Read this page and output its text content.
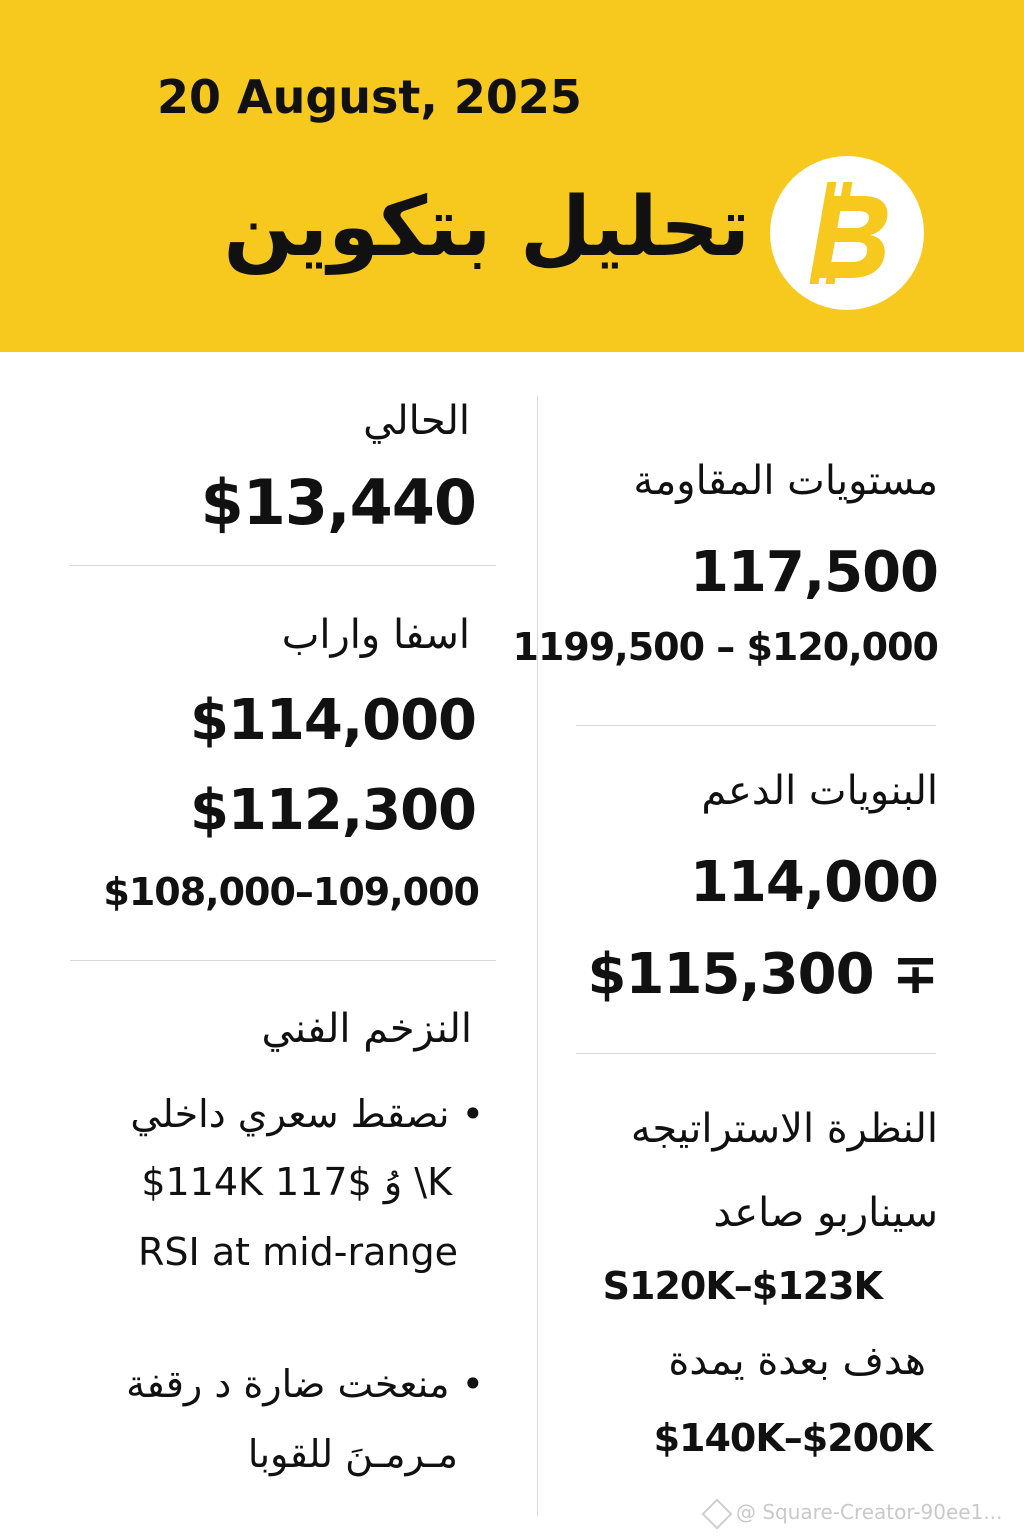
20 August, 2025
تحليل بتكوين
الحالي
$13,440
اسفا واراب
$114,000
$112,300
$108,000–109,000
النزخم الفني
• نصقط سعري داخلي
$114K وُ $117 \K
RSI at mid-range
• منعخت ضارة د رقفة
مـرمـنَ للقوبا
مستويات المقاومة
117,500
1199,500 – $120,000
البنويات الدعم
114,000
$115,300 ∓
النظرة الاستراتيجه
سيناربو صاعد
S120K–$123K
هدف بعدة يمدة
$140K–$200K
@ Square-Creator-90ee1...
